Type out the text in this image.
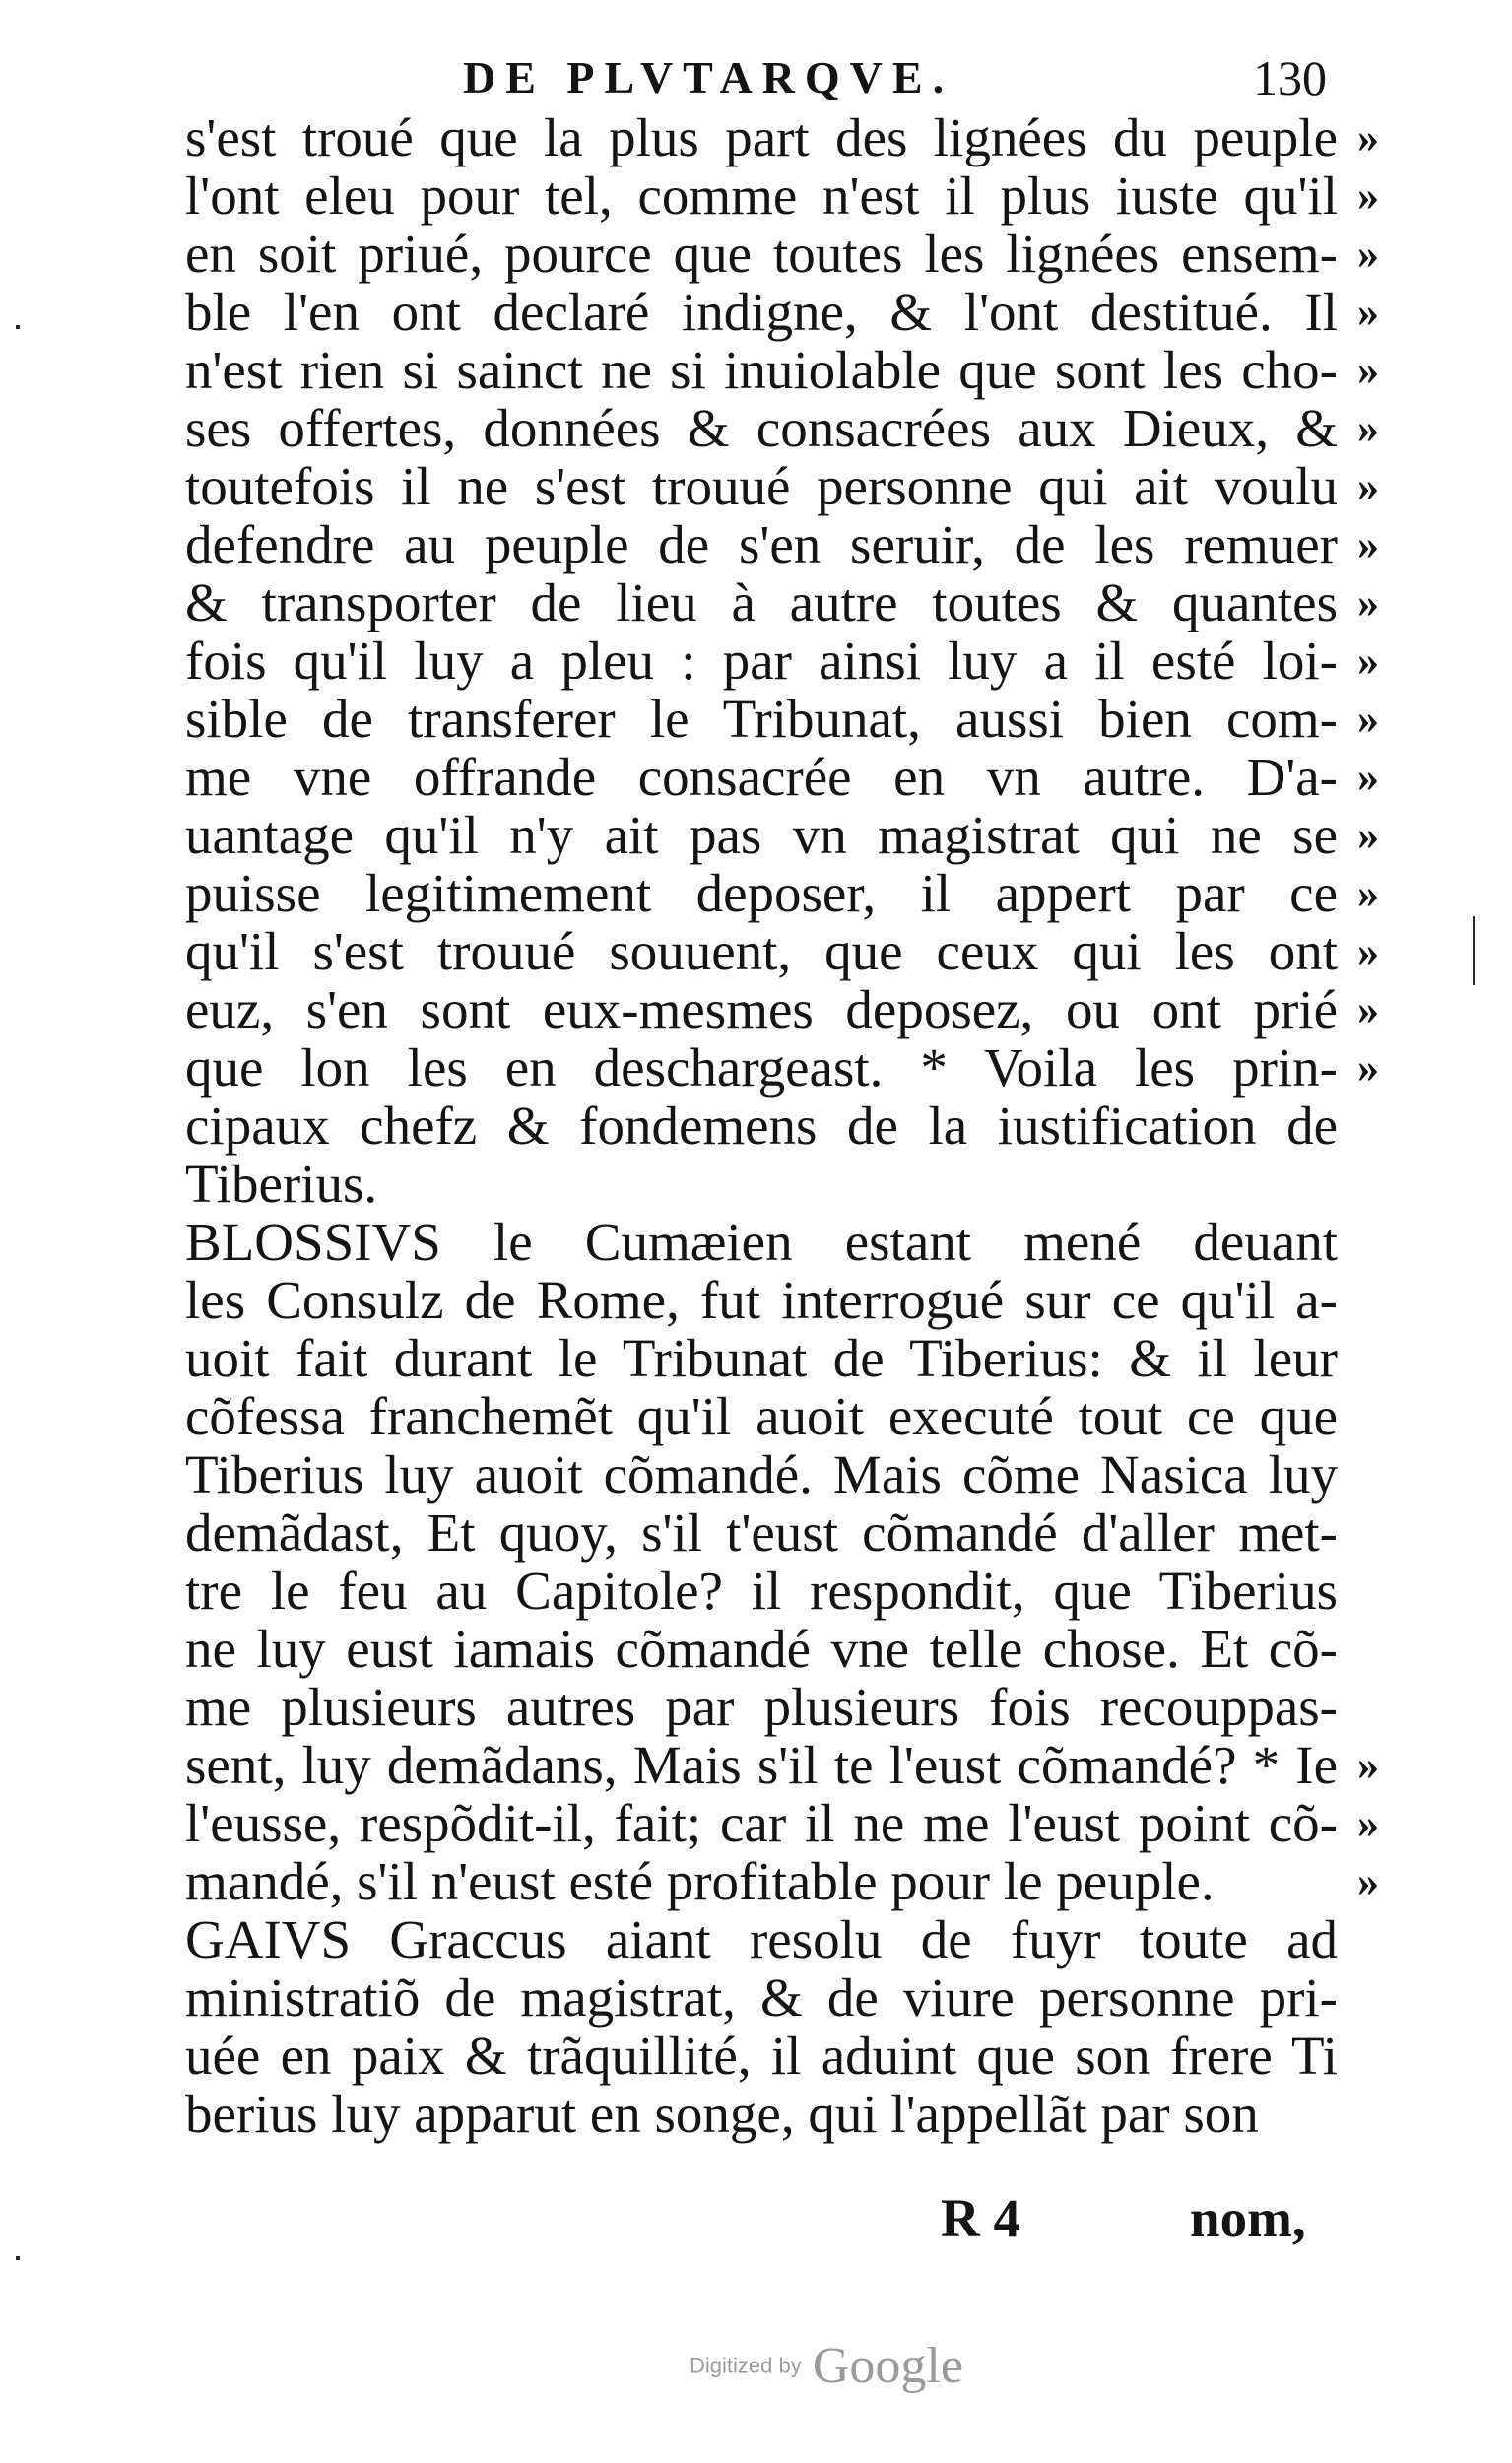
DE PLVTARQVE.	130
s'est troué que la plus part des lignées du peuple
l'ont eleu pour tel, comme n'est il plus iuste qu'il
en soit priué, pource que toutes les lignées ensem-
ble l'en ont declaré indigne, & l'ont destitué. Il
n'est rien si sainct ne si inuiolable que sont les cho-
ses offertes, données & consacrées aux Dieux, &
toutefois il ne s'est trouué personne qui ait voulu
defendre au peuple de s'en seruir, de les remuer
& transporter de lieu à autre toutes & quantes
fois qu'il luy a pleu : par ainsi luy a il esté loi-
sible de transferer le Tribunat, aussi bien com-
me vne offrande consacrée en vn autre. D'a-
uantage qu'il n'y ait pas vn magistrat qui ne se
puisse legitimement deposer, il appert par ce
qu'il s'est trouué souuent, que ceux qui les ont
euz, s'en sont eux-mesmes deposez, ou ont prié
que lon les en deschargeast. * Voila les prin-
cipaux chefz & fondemens de la iustification de
Tiberius.
BLOSSIVS le Cumæien estant mené deuant
les Consulz de Rome, fut interrogué sur ce qu'il a-
uoit fait durant le Tribunat de Tiberius: & il leur
cõfessa franchemẽt qu'il auoit executé tout ce que
Tiberius luy auoit cõmandé. Mais cõme Nasica luy
demãdast, Et quoy, s'il t'eust cõmandé d'aller met-
tre le feu au Capitole? il respondit, que Tiberius
ne luy eust iamais cõmandé vne telle chose. Et cõ-
me plusieurs autres par plusieurs fois recouppas-
sent, luy demãdans, Mais s'il te l'eust cõmandé? * Ie
l'eusse, respõdit-il, fait; car il ne me l'eust point cõ-
mandé, s'il n'eust esté profitable pour le peuple.
GAIVS Graccus aiant resolu de fuyr toute ad
ministratiõ de magistrat, & de viure personne pri-
uée en paix & trãquillité, il aduint que son frere Ti
berius luy apparut en songe, qui l'appellãt par son
»
»
»
»
»
»
»
»
»
»
»
»
»
»
»
»
»
»
»
»
R 4	nom,
Digitized by Google
